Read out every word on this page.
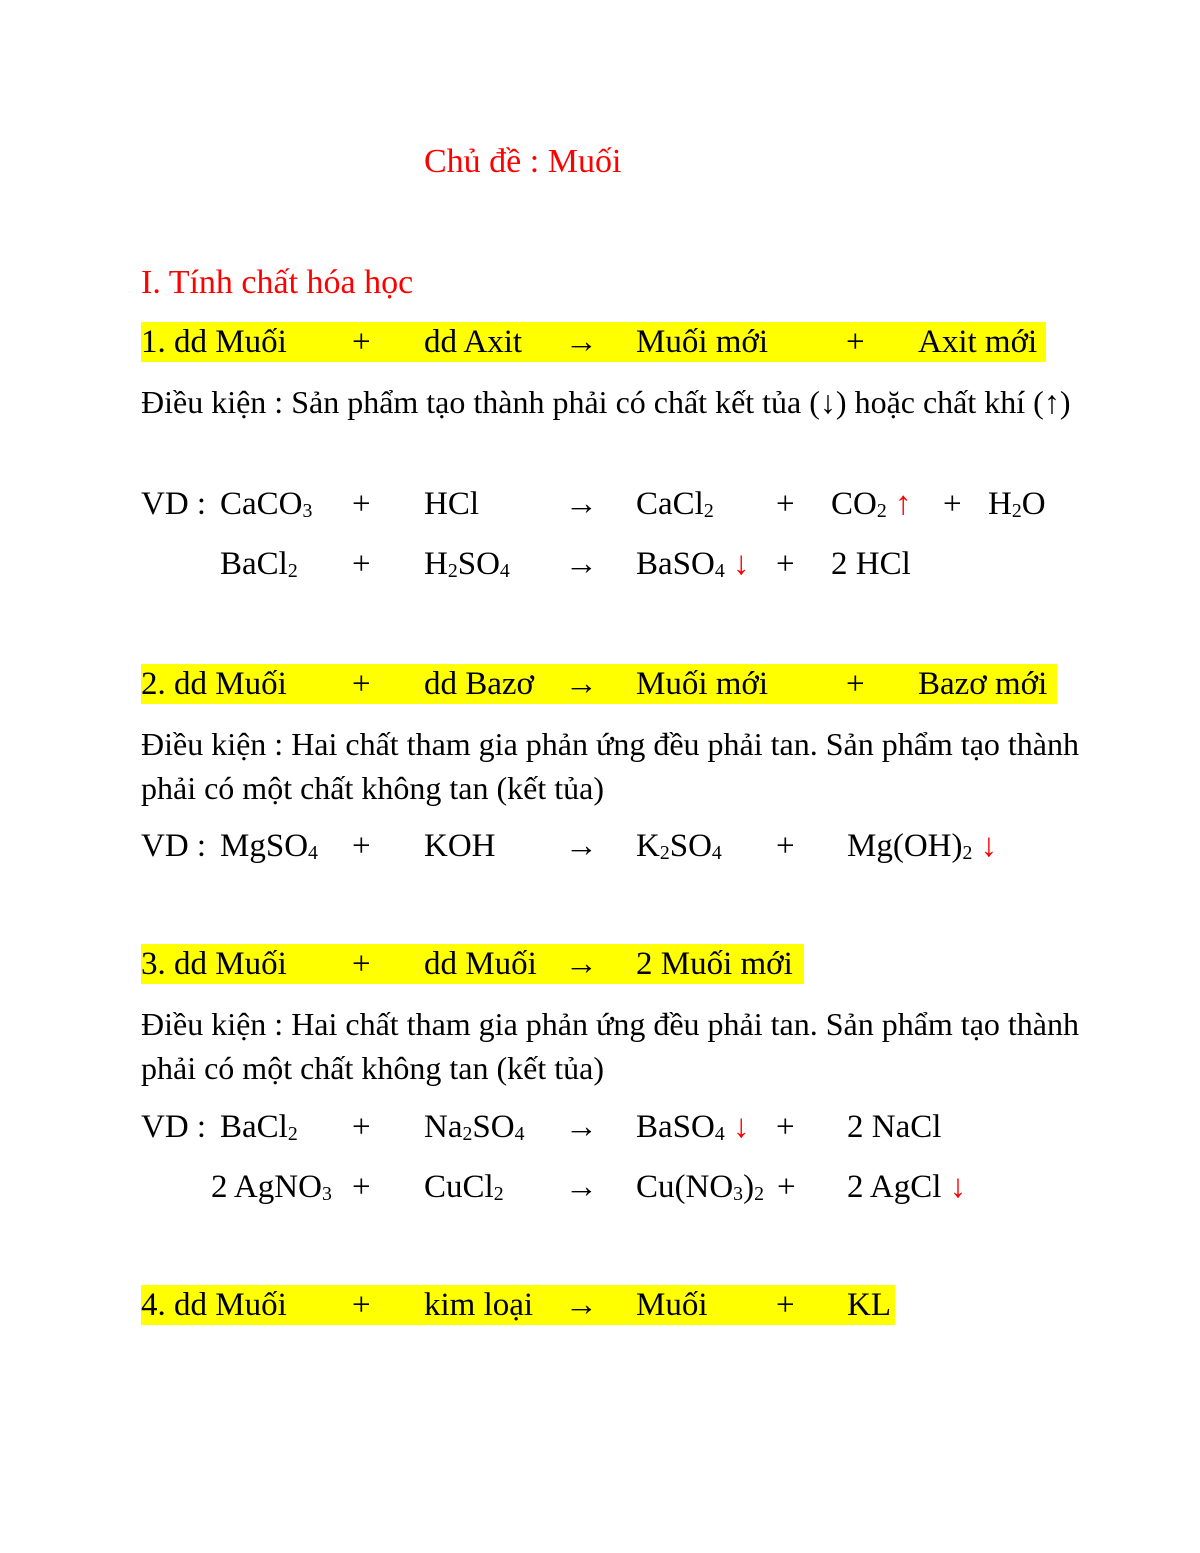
Chủ đề : Muối
I. Tính chất hóa học
1. dd Muối + dd Axit → Muối mới + Axit mới
Điều kiện : Sản phẩm tạo thành phải có chất kết tủa (↓) hoặc chất khí (↑)
VD : CaCO$_3$ + HCl	→ CaCl$_2$ + $CO_2$ ↑ + $H_2O$
BaCl$_2$ + $H_2SO_4$ → BaSO$_4$ ↓ + 2 HCl
2. dd Muối + dd Bazơ → Muối mới + Bazơ mới
Điều kiện : Hai chất tham gia phản ứng đều phải tan. Sản phẩm tạo thành phải có một chất không tan (kết tủa)
VD : MgSO$_4$ + KOH → $K_2SO_4 + Mg(OH)_2$ ↓
3. dd Muối + dd Muối → 2 Muối mới
Điều kiện : Hai chất tham gia phản ứng đều phải tan. Sản phẩm tạo thành phải có một chất không tan (kết tủa)
VD : BaCl$_2$ + $Na_2SO_4$ → BaSO$_4$ ↓ + 2 NaCl
2 AgNO$_3$ + CuCl$_2$ → $Cu(NO_3)_2 + 2$ AgCl ↓
4. dd Muối + kim loại → Muối + KL
